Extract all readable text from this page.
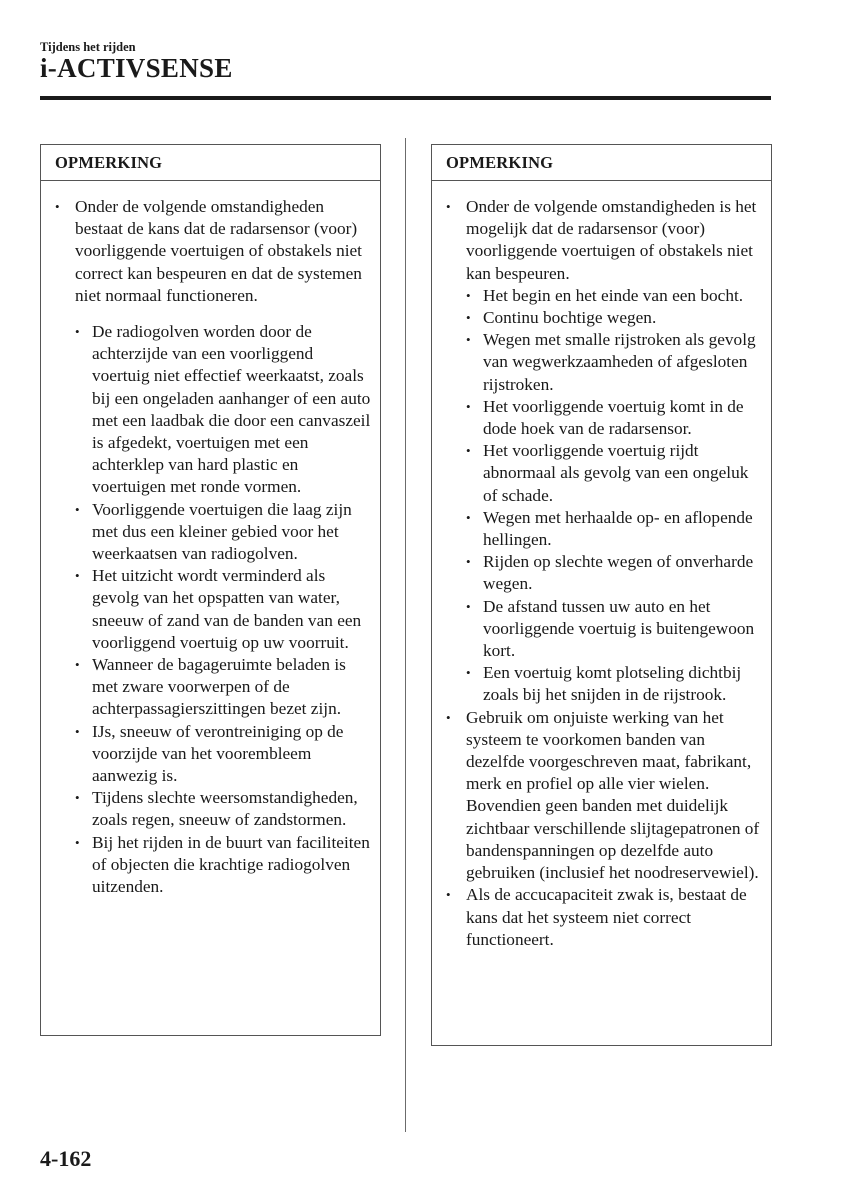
Tijdens het rijden
i-ACTIVSENSE
OPMERKING
• Onder de volgende omstandigheden bestaat de kans dat de radarsensor (voor) voorliggende voertuigen of obstakels niet correct kan bespeuren en dat de systemen niet normaal functioneren.
• De radiogolven worden door de achterzijde van een voorliggend voertuig niet effectief weerkaatst, zoals bij een ongeladen aanhanger of een auto met een laadbak die door een canvaszeil is afgedekt, voertuigen met een achterklep van hard plastic en voertuigen met ronde vormen.
• Voorliggende voertuigen die laag zijn met dus een kleiner gebied voor het weerkaatsen van radiogolven.
• Het uitzicht wordt verminderd als gevolg van het opspatten van water, sneeuw of zand van de banden van een voorliggend voertuig op uw voorruit.
• Wanneer de bagageruimte beladen is met zware voorwerpen of de achterpassagierszittingen bezet zijn.
• IJs, sneeuw of verontreiniging op de voorzijde van het voorembleem aanwezig is.
• Tijdens slechte weersomstandigheden, zoals regen, sneeuw of zandstormen.
• Bij het rijden in de buurt van faciliteiten of objecten die krachtige radiogolven uitzenden.
OPMERKING
• Onder de volgende omstandigheden is het mogelijk dat de radarsensor (voor) voorliggende voertuigen of obstakels niet kan bespeuren.
• Het begin en het einde van een bocht.
• Continu bochtige wegen.
• Wegen met smalle rijstroken als gevolg van wegwerkzaamheden of afgesloten rijstroken.
• Het voorliggende voertuig komt in de dode hoek van de radarsensor.
• Het voorliggende voertuig rijdt abnormaal als gevolg van een ongeluk of schade.
• Wegen met herhaalde op- en aflopende hellingen.
• Rijden op slechte wegen of onverharde wegen.
• De afstand tussen uw auto en het voorliggende voertuig is buitengewoon kort.
• Een voertuig komt plotseling dichtbij zoals bij het snijden in de rijstrook.
• Gebruik om onjuiste werking van het systeem te voorkomen banden van dezelfde voorgeschreven maat, fabrikant, merk en profiel op alle vier wielen. Bovendien geen banden met duidelijk zichtbaar verschillende slijtagepatronen of bandenspanningen op dezelfde auto gebruiken (inclusief het noodreservewiel).
• Als de accucapaciteit zwak is, bestaat de kans dat het systeem niet correct functioneert.
4-162
